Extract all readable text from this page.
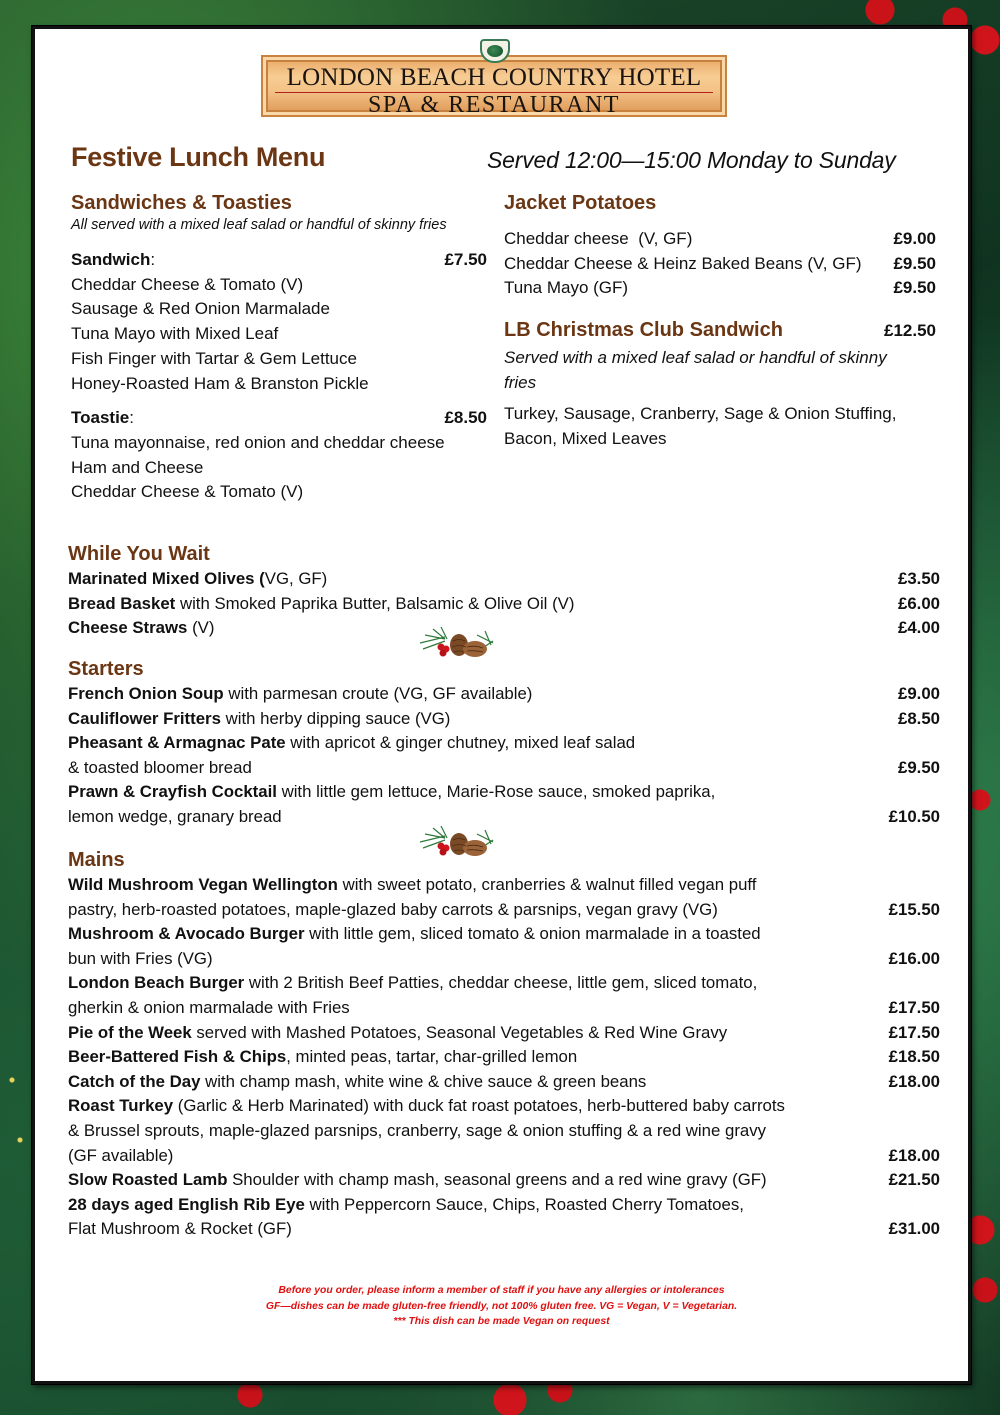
LONDON BEACH COUNTRY HOTEL
SPA & RESTAURANT
Festive Lunch Menu	Served 12:00—15:00 Monday to Sunday
Sandwiches & Toasties
All served with a mixed leaf salad or handful of skinny fries
Sandwich:	£7.50
Cheddar Cheese & Tomato (V)
Sausage & Red Onion Marmalade
Tuna Mayo with Mixed Leaf
Fish Finger with Tartar & Gem Lettuce
Honey-Roasted Ham & Branston Pickle
Toastie:	£8.50
Tuna mayonnaise, red onion and cheddar cheese
Ham and Cheese
Cheddar Cheese & Tomato (V)
Jacket Potatoes
Cheddar cheese  (V, GF)	£9.00
Cheddar Cheese & Heinz Baked Beans (V, GF) £9.50
Tuna Mayo (GF)	£9.50
LB Christmas Club Sandwich	£12.50
Served with a mixed leaf salad or handful of skinny
fries
Turkey, Sausage, Cranberry, Sage & Onion Stuffing,
Bacon, Mixed Leaves
While You Wait
Marinated Mixed Olives (VG, GF)	£3.50
Bread Basket with Smoked Paprika Butter, Balsamic & Olive Oil (V)	£6.00
Cheese Straws (V)	£4.00
Starters
French Onion Soup with parmesan croute (VG, GF available)	£9.00
Cauliflower Fritters with herby dipping sauce (VG)	£8.50
Pheasant & Armagnac Pate with apricot & ginger chutney, mixed leaf salad
& toasted bloomer bread	£9.50
Prawn & Crayfish Cocktail with little gem lettuce, Marie-Rose sauce, smoked paprika,
lemon wedge, granary bread	£10.50
Mains
Wild Mushroom Vegan Wellington with sweet potato, cranberries & walnut filled vegan puff
pastry, herb-roasted potatoes, maple-glazed baby carrots & parsnips, vegan gravy (VG)	£15.50
Mushroom & Avocado Burger with little gem, sliced tomato & onion marmalade in a toasted
bun with Fries (VG)	£16.00
London Beach Burger with 2 British Beef Patties, cheddar cheese, little gem, sliced tomato,
gherkin & onion marmalade with Fries	£17.50
Pie of the Week served with Mashed Potatoes, Seasonal Vegetables & Red Wine Gravy	£17.50
Beer-Battered Fish & Chips, minted peas, tartar, char-grilled lemon	£18.50
Catch of the Day with champ mash, white wine & chive sauce & green beans	£18.00
Roast Turkey (Garlic & Herb Marinated) with duck fat roast potatoes, herb-buttered baby carrots
& Brussel sprouts, maple-glazed parsnips, cranberry, sage & onion stuffing & a red wine gravy
(GF available)	£18.00
Slow Roasted Lamb Shoulder with champ mash, seasonal greens and a red wine gravy (GF)	£21.50
28 days aged English Rib Eye with Peppercorn Sauce, Chips, Roasted Cherry Tomatoes,
Flat Mushroom & Rocket (GF)	£31.00
Before you order, please inform a member of staff if you have any allergies or intolerances
GF—dishes can be made gluten-free friendly, not 100% gluten free. VG = Vegan, V = Vegetarian.
*** This dish can be made Vegan on request
